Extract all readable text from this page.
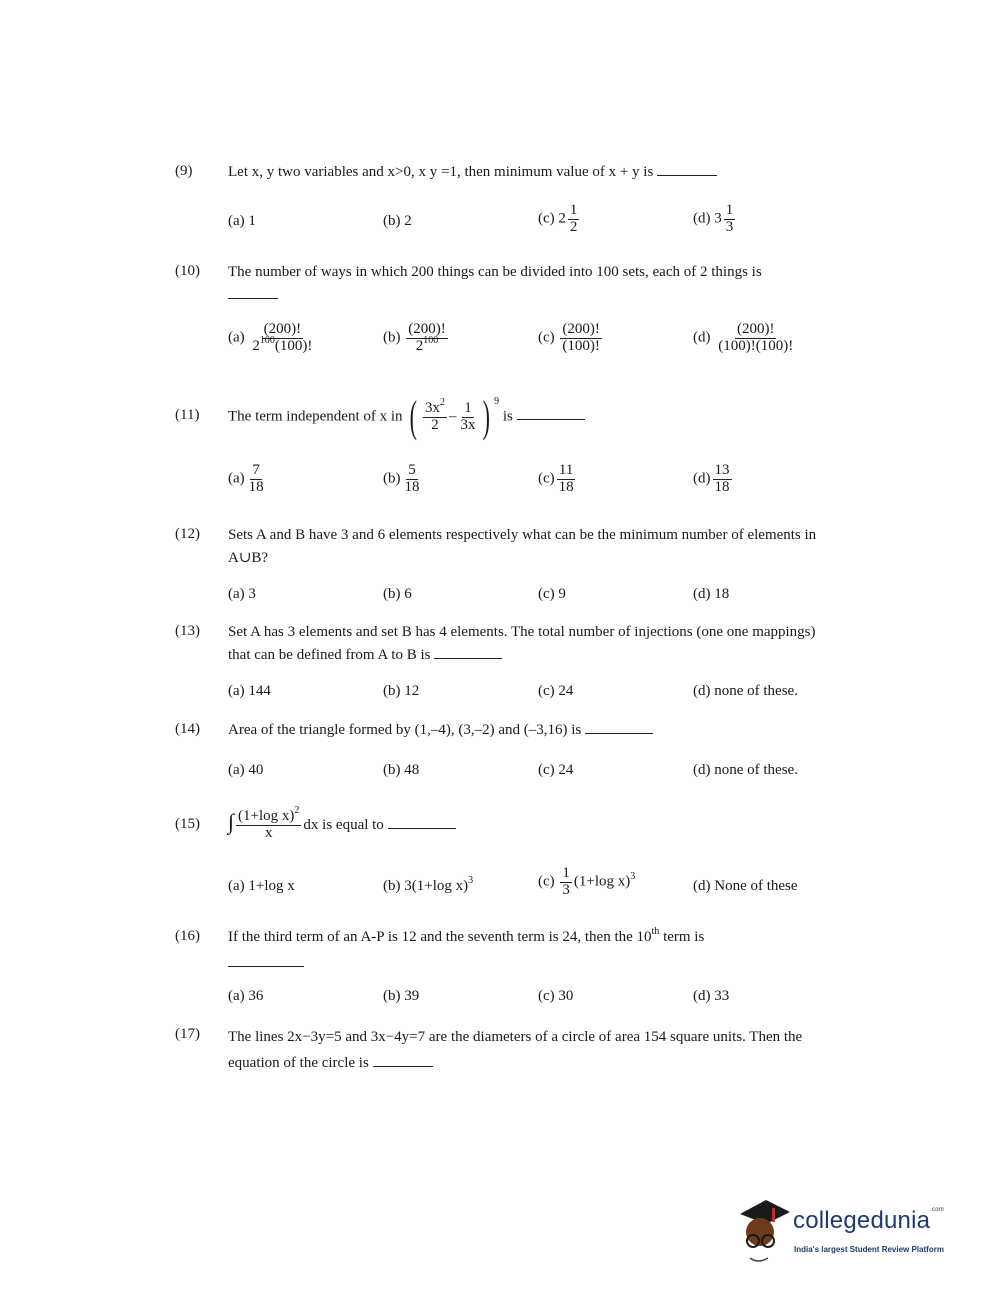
(9) Let x, y two variables and x>0, x y =1, then minimum value of x + y is
(a) 1	(b) 2	(c) $2 \frac{1}{2}$	(d) $3 \frac{1}{3}$
(10) The number of ways in which 200 things can be divided into 100 sets, each of 2 things is
$(a) \frac{(200)!}{2^{100}(100)!}$	$(b) \frac{(200)!}{2^{100}}$	$(c) \frac{(200)!}{(100)!}$	$(d) \frac{(200)!}{(100)!(100)!}$
(11) The term independent of x in ( $\frac{3x^2}{2} - \frac{1}{3x}$ ) $^9$ is
$(a) \frac{7}{18}$	$(b) \frac{5}{18}$	$(c) \frac{11}{18}$	$(d) \frac{13}{18}$
(12) Sets A and B have 3 and 6 elements respectively what can be the minimum number of elements in A∪B?
(a) 3	(b) 6	(c) 9	(d) 18
(13) Set A has 3 elements and set B has 4 elements. The total number of injections (one one mappings) that can be defined from A to B is
(a) 144	(b) 12	(c) 24	(d) none of these.
(14) Area of the triangle formed by (1,–4), (3,–2) and (–3,16) is
(a) 40	(b) 48	(c) 24	(d) none of these.
(15) ∫ $\frac{(1+\log x)^2}{x}$ dx is equal to
(a) 1+log x	(b) 3(1+log x)$^3$	$(c) \frac{1}{3} (1+\log$ x)$^3$
(d) None of these
(16) If the third term of an A-P is 12 and the seventh term is 24, then the 10th term is
(a) 36	(b) 39	(c) 30	(d) 33
(17) The lines 2x−3y=5 and 3x−4y=7 are the diameters of a circle of area 154 square units. Then the equation of the circle is
collegedunia$^{.com}$
India's largest Student Review Platform
